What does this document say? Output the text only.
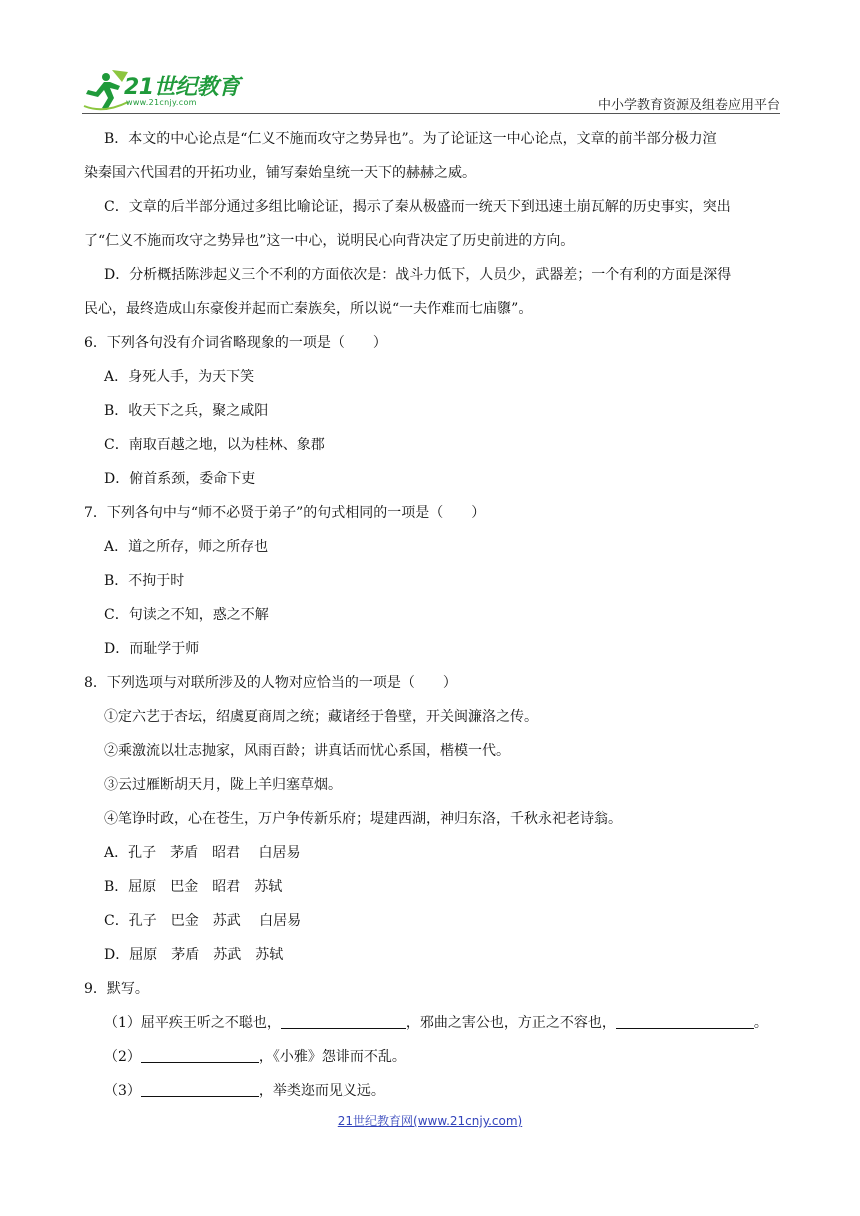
21世纪教育
www.21cnjy.com	中小学教育资源及组卷应用平台
B．本文的中心论点是“仁义不施而攻守之势异也”。为了论证这一中心论点，文章的前半部分极力渲
染秦国六代国君的开拓功业，铺写秦始皇统一天下的赫赫之威。
C．文章的后半部分通过多组比喻论证，揭示了秦从极盛而一统天下到迅速土崩瓦解的历史事实，突出
了“仁义不施而攻守之势异也”这一中心，说明民心向背决定了历史前进的方向。
D．分析概括陈涉起义三个不利的方面依次是：战斗力低下，人员少，武器差；一个有利的方面是深得
民心，最终造成山东豪俊并起而亡秦族矣，所以说“一夫作难而七庙隳”。
6．下列各句没有介词省略现象的一项是（　　）
A．身死人手，为天下笑
B．收天下之兵，聚之咸阳
C．南取百越之地，以为桂林、象郡
D．俯首系颈，委命下吏
7．下列各句中与“师不必贤于弟子”的句式相同的一项是（　　）
A．道之所存，师之所存也
B．不拘于时
C．句读之不知，惑之不解
D．而耻学于师
8．下列选项与对联所涉及的人物对应恰当的一项是（　　）
①定六艺于杏坛，绍虞夏商周之统；藏诸经于鲁壁，开关闽濂洛之传。
②乘激流以壮志抛家，风雨百龄；讲真话而忧心系国，楷模一代。
③云过雁断胡天月，陇上羊归塞草烟。
④笔诤时政，心在苍生，万户争传新乐府；堤建西湖，神归东洛，千秋永祀老诗翁。
A．孔子　茅盾　昭君　 白居易
B．屈原　巴金　昭君　苏轼
C．孔子　巴金　苏武　 白居易
D．屈原　茅盾　苏武　苏轼
9．默写。
（1）屈平疾王听之不聪也，	，邪曲之害公也，方正之不容也，	。
（2）	，《小雅》怨诽而不乱。
（3）	，举类迩而见义远。
21世纪教育网(www.21cnjy.com)
